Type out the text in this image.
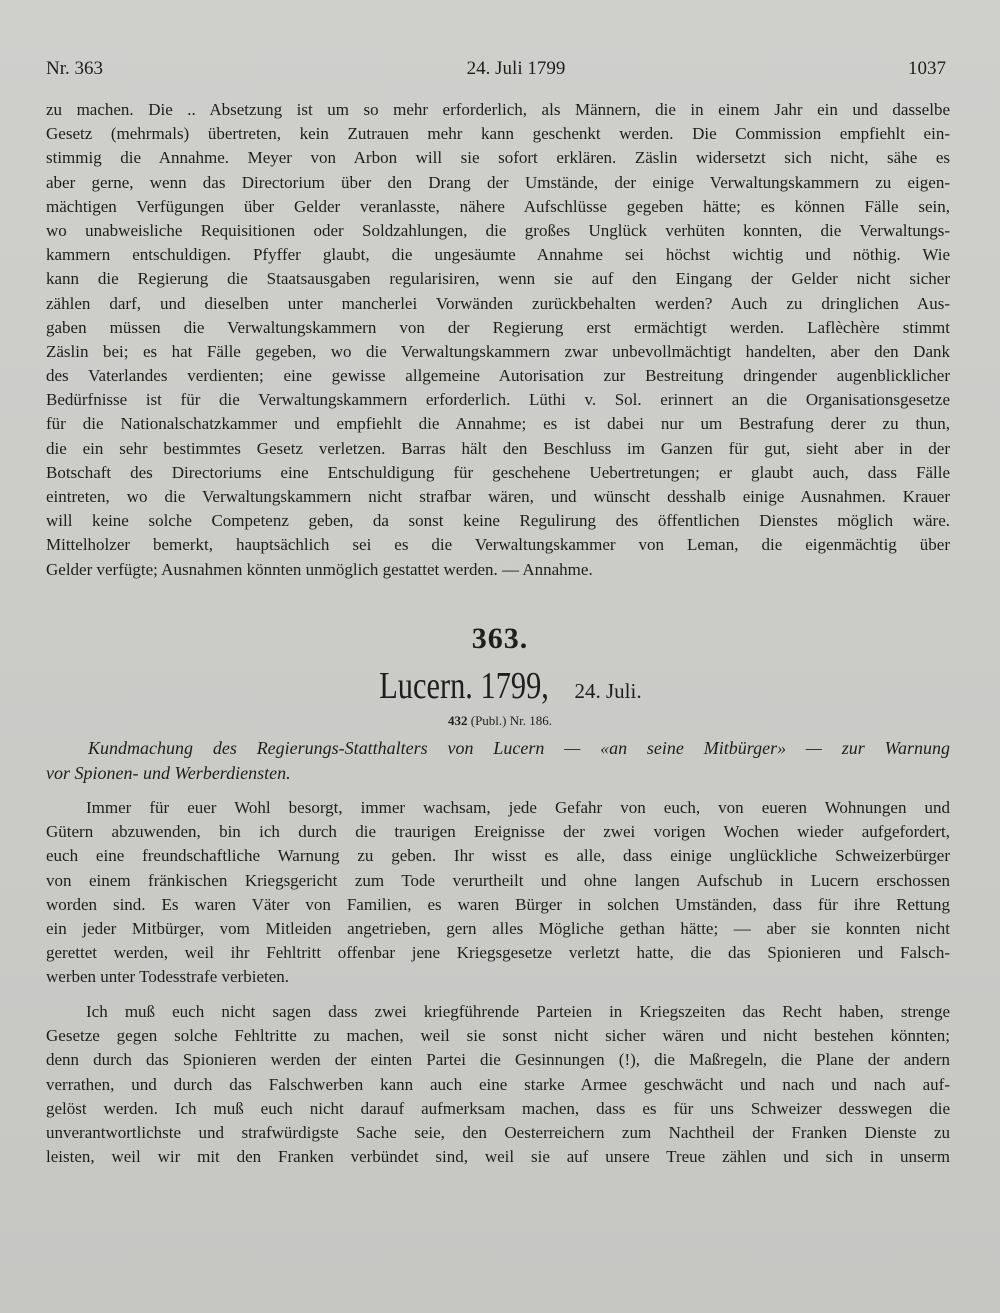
Nr. 363	24. Juli 1799	1037
zu machen. Die .. Absetzung ist um so mehr erforderlich, als Männern, die in einem Jahr ein und dasselbe
Gesetz (mehrmals) übertreten, kein Zutrauen mehr kann geschenkt werden. Die Commission empfiehlt ein-
stimmig die Annahme. Meyer von Arbon will sie sofort erklären. Zäslin widersetzt sich nicht, sähe es
aber gerne, wenn das Directorium über den Drang der Umstände, der einige Verwaltungskammern zu eigen-
mächtigen Verfügungen über Gelder veranlasste, nähere Aufschlüsse gegeben hätte; es können Fälle sein,
wo unabweisliche Requisitionen oder Soldzahlungen, die großes Unglück verhüten konnten, die Verwaltungs-
kammern entschuldigen. Pfyffer glaubt, die ungesäumte Annahme sei höchst wichtig und nöthig. Wie
kann die Regierung die Staatsausgaben regularisiren, wenn sie auf den Eingang der Gelder nicht sicher
zählen darf, und dieselben unter mancherlei Vorwänden zurückbehalten werden? Auch zu dringlichen Aus-
gaben müssen die Verwaltungskammern von der Regierung erst ermächtigt werden. Laflèchère stimmt
Zäslin bei; es hat Fälle gegeben, wo die Verwaltungskammern zwar unbevollmächtigt handelten, aber den Dank
des Vaterlandes verdienten; eine gewisse allgemeine Autorisation zur Bestreitung dringender augenblicklicher
Bedürfnisse ist für die Verwaltungskammern erforderlich. Lüthi v. Sol. erinnert an die Organisationsgesetze
für die Nationalschatzkammer und empfiehlt die Annahme; es ist dabei nur um Bestrafung derer zu thun,
die ein sehr bestimmtes Gesetz verletzen. Barras hält den Beschluss im Ganzen für gut, sieht aber in der
Botschaft des Directoriums eine Entschuldigung für geschehene Uebertretungen; er glaubt auch, dass Fälle
eintreten, wo die Verwaltungskammern nicht strafbar wären, und wünscht desshalb einige Ausnahmen. Krauer
will keine solche Competenz geben, da sonst keine Regulirung des öffentlichen Dienstes möglich wäre.
Mittelholzer bemerkt, hauptsächlich sei es die Verwaltungskammer von Leman, die eigenmächtig über
Gelder verfügte; Ausnahmen könnten unmöglich gestattet werden. — Annahme.
363.
Lucern. 1799, 24. Juli.
432 (Publ.) Nr. 186.
Kundmachung des Regierungs-Statthalters von Lucern — «an seine Mitbürger» — zur Warnung
vor Spionen- und Werberdiensten.
Immer für euer Wohl besorgt, immer wachsam, jede Gefahr von euch, von eueren Wohnungen und
Gütern abzuwenden, bin ich durch die traurigen Ereignisse der zwei vorigen Wochen wieder aufgefordert,
euch eine freundschaftliche Warnung zu geben. Ihr wisst es alle, dass einige unglückliche Schweizerbürger
von einem fränkischen Kriegsgericht zum Tode verurtheilt und ohne langen Aufschub in Lucern erschossen
worden sind. Es waren Väter von Familien, es waren Bürger in solchen Umständen, dass für ihre Rettung
ein jeder Mitbürger, vom Mitleiden angetrieben, gern alles Mögliche gethan hätte; — aber sie konnten nicht
gerettet werden, weil ihr Fehltritt offenbar jene Kriegsgesetze verletzt hatte, die das Spionieren und Falsch-
werben unter Todesstrafe verbieten.
Ich muß euch nicht sagen dass zwei kriegführende Parteien in Kriegszeiten das Recht haben, strenge
Gesetze gegen solche Fehltritte zu machen, weil sie sonst nicht sicher wären und nicht bestehen könnten;
denn durch das Spionieren werden der einten Partei die Gesinnungen (!), die Maßregeln, die Plane der andern
verrathen, und durch das Falschwerben kann auch eine starke Armee geschwächt und nach und nach auf-
gelöst werden. Ich muß euch nicht darauf aufmerksam machen, dass es für uns Schweizer desswegen die
unverantwortlichste und strafwürdigste Sache seie, den Oesterreichern zum Nachtheil der Franken Dienste zu
leisten, weil wir mit den Franken verbündet sind, weil sie auf unsere Treue zählen und sich in unserm
